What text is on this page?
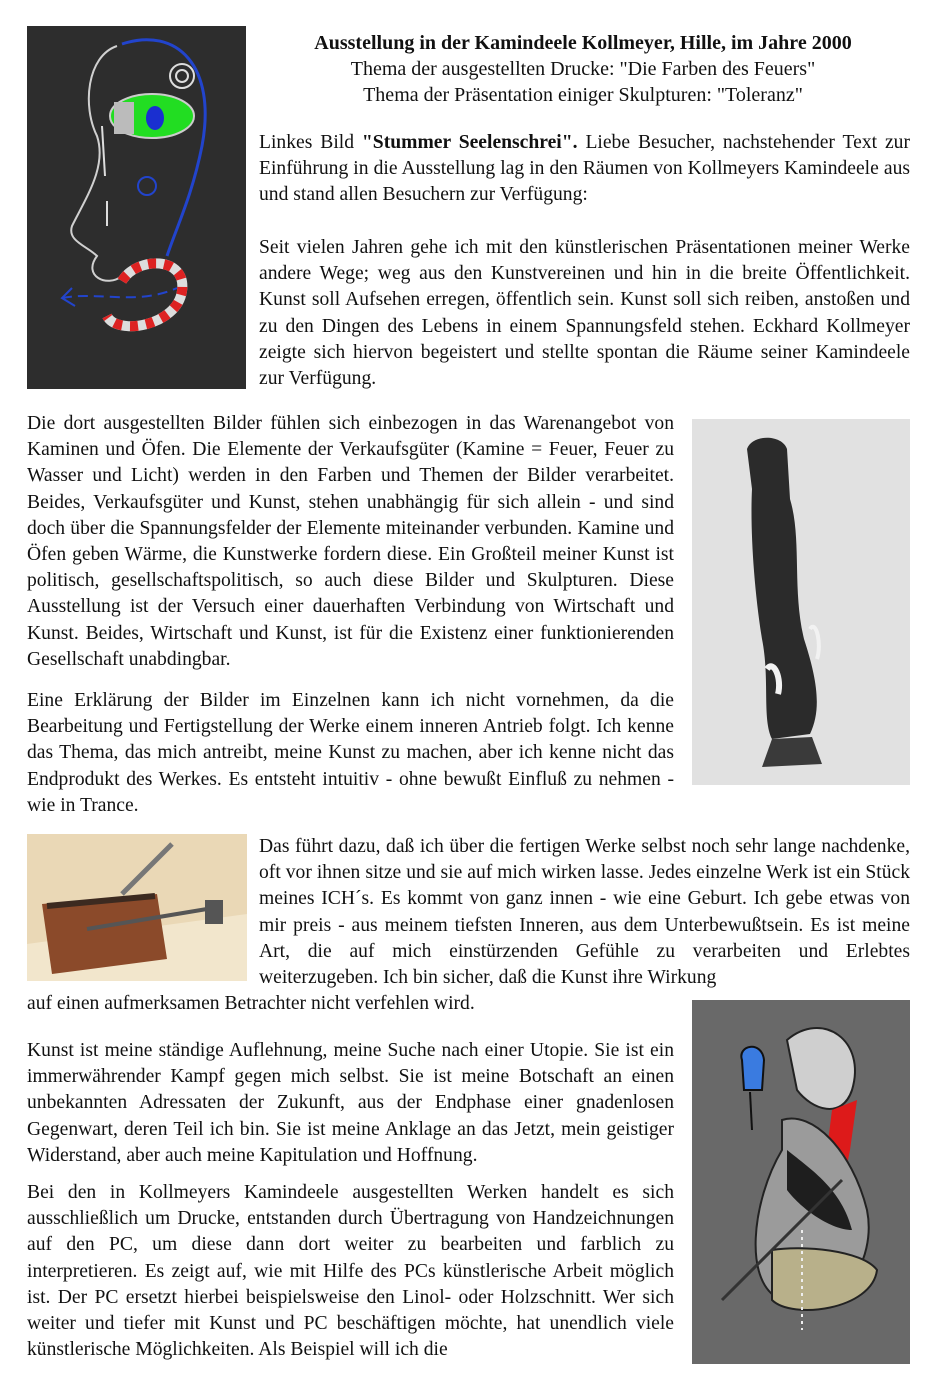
Ausstellung in der Kamindeele Kollmeyer, Hille, im Jahre 2000
Thema der ausgestellten Drucke: "Die Farben des Feuers"
Thema der Präsentation einiger Skulpturen: "Toleranz"

Linkes Bild "Stummer Seelenschrei". Liebe Besucher, nachstehender Text zur Einführung in die Ausstellung lag in den Räumen von Kollmeyers Kamindeele aus und stand allen Besuchern zur Verfügung:

Seit vielen Jahren gehe ich mit den künstlerischen Präsentationen meiner Werke andere Wege; weg aus den Kunstvereinen und hin in die breite Öffentlichkeit. Kunst soll Aufsehen erregen, öffentlich sein. Kunst soll sich reiben, anstoßen und zu den Dingen des Lebens in einem Spannungsfeld stehen. Eckhard Kollmeyer zeigte sich hiervon begeistert und stellte spontan die Räume seiner Kamindeele zur Verfügung.

Die dort ausgestellten Bilder fühlen sich einbezogen in das Warenangebot von Kaminen und Öfen. Die Elemente der Verkaufsgüter (Kamine = Feuer, Feuer zu Wasser und Licht) werden in den Farben und Themen der Bilder verarbeitet. Beides, Verkaufsgüter und Kunst, stehen unabhängig für sich allein - und sind doch über die Spannungsfelder der Elemente miteinander verbunden. Kamine und Öfen geben Wärme, die Kunstwerke fordern diese. Ein Großteil meiner Kunst ist politisch, gesellschaftspolitisch, so auch diese Bilder und Skulpturen. Diese Ausstellung ist der Versuch einer dauerhaften Verbindung von Wirtschaft und Kunst. Beides, Wirtschaft und Kunst, ist für die Existenz einer funktionierenden Gesellschaft unabdingbar.

Eine Erklärung der Bilder im Einzelnen kann ich nicht vornehmen, da die Bearbeitung und Fertigstellung der Werke einem inneren Antrieb folgt. Ich kenne das Thema, das mich antreibt, meine Kunst zu machen, aber ich kenne nicht das Endprodukt des Werkes. Es entsteht intuitiv - ohne bewußt Einfluß zu nehmen - wie in Trance.

Das führt dazu, daß ich über die fertigen Werke selbst noch sehr lange nachdenke, oft vor ihnen sitze und sie auf mich wirken lasse. Jedes einzelne Werk ist ein Stück meines ICH´s. Es kommt von ganz innen - wie eine Geburt. Ich gebe etwas von mir preis - aus meinem tiefsten Inneren, aus dem Unterbewußtsein. Es ist meine Art, die auf mich einstürzenden Gefühle zu verarbeiten und Erlebtes weiterzugeben. Ich bin sicher, daß die Kunst ihre Wirkung

auf einen aufmerksamen Betrachter nicht verfehlen wird.

Kunst ist meine ständige Auflehnung, meine Suche nach einer Utopie. Sie ist ein immerwährender Kampf gegen mich selbst. Sie ist meine Botschaft an einen unbekannten Adressaten der Zukunft, aus der Endphase einer gnadenlosen Gegenwart, deren Teil ich bin. Sie ist meine Anklage an das Jetzt, mein geistiger Widerstand, aber auch meine Kapitulation und Hoffnung.

Bei den in Kollmeyers Kamindeele ausgestellten Werken handelt es sich ausschließlich um Drucke, entstanden durch Übertragung von Handzeichnungen auf den PC, um diese dann dort weiter zu bearbeiten und farblich zu interpretieren. Es zeigt auf, wie mit Hilfe des PCs künstlerische Arbeit möglich ist. Der PC ersetzt hierbei beispielsweise den Linol- oder Holzschnitt. Wer sich weiter und tiefer mit Kunst und PC beschäftigen möchte, hat unendlich viele künstlerische Möglichkeiten. Als Beispiel will ich die
